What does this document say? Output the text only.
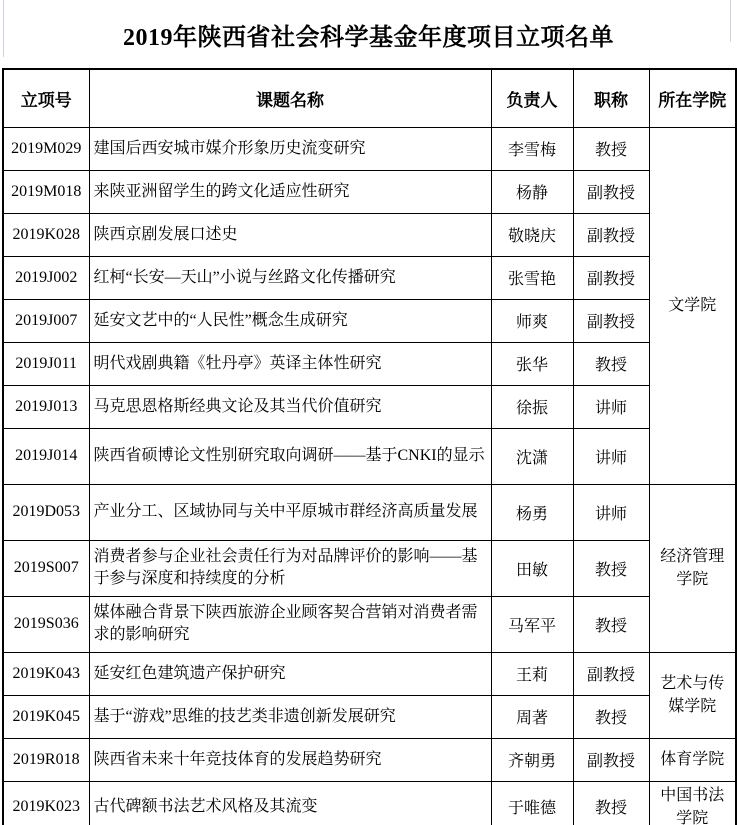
2019年陕西省社会科学基金年度项目立项名单
立项号	课题名称	负责人	职称	所在学院
2019M029	建国后西安城市媒介形象历史流变研究	李雪梅	教授	文学院
2019M018	来陕亚洲留学生的跨文化适应性研究	杨静	副教授	
2019K028	陕西京剧发展口述史	敬晓庆	副教授	
2019J002	红柯“长安—天山”小说与丝路文化传播研究	张雪艳	副教授	
2019J007	延安文艺中的“人民性”概念生成研究	师爽	副教授	
2019J011	明代戏剧典籍《牡丹亭》英译主体性研究	张华	教授	
2019J013	马克思恩格斯经典文论及其当代价值研究	徐振	讲师	
2019J014	陕西省硕博论文性别研究取向调研——基于CNKI的显示	沈潇	讲师	
2019D053	产业分工、区域协同与关中平原城市群经济高质量发展	杨勇	讲师	经济管理学院
2019S007	消费者参与企业社会责任行为对品牌评价的影响——基于参与深度和持续度的分析	田敏	教授	
2019S036	媒体融合背景下陕西旅游企业顾客契合营销对消费者需求的影响研究	马军平	教授	
2019K043	延安红色建筑遗产保护研究	王莉	副教授	艺术与传媒学院
2019K045	基于“游戏”思维的技艺类非遗创新发展研究	周著	教授	
2019R018	陕西省未来十年竞技体育的发展趋势研究	齐朝勇	副教授	体育学院
2019K023	古代碑额书法艺术风格及其流变	于唯德	教授	中国书法学院
